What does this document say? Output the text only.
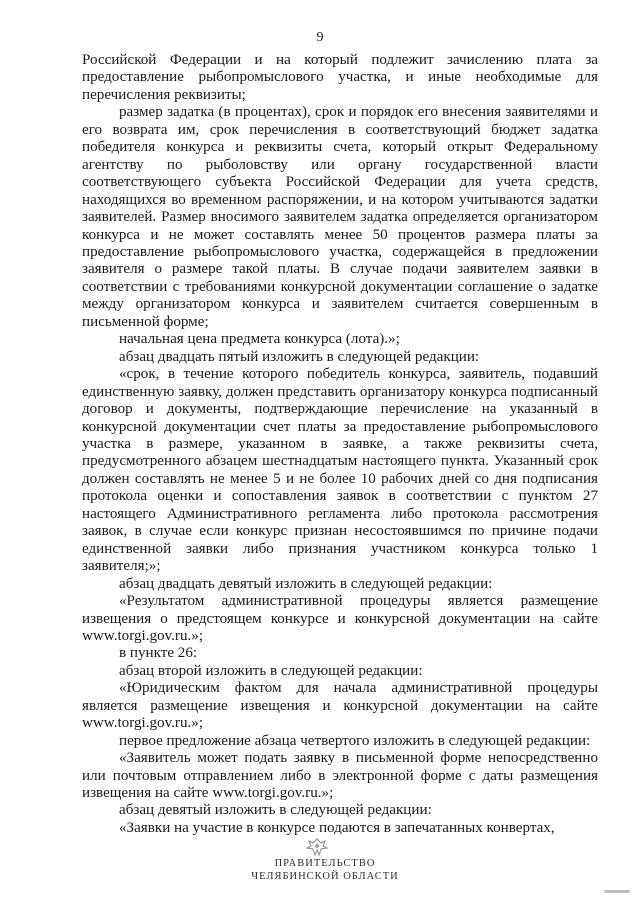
9

Российской Федерации и на который подлежит зачислению плата за предоставление рыбопромыслового участка, и иные необходимые для перечисления реквизиты;

размер задатка (в процентах), срок и порядок его внесения заявителями и его возврата им, срок перечисления в соответствующий бюджет задатка победителя конкурса и реквизиты счета, который открыт Федеральному агентству по рыболовству или органу государственной власти соответствующего субъекта Российской Федерации для учета средств, находящихся во временном распоряжении, и на котором учитываются задатки заявителей. Размер вносимого заявителем задатка определяется организатором конкурса и не может составлять менее 50 процентов размера платы за предоставление рыбопромыслового участка, содержащейся в предложении заявителя о размере такой платы. В случае подачи заявителем заявки в соответствии с требованиями конкурсной документации соглашение о задатке между организатором конкурса и заявителем считается совершенным в письменной форме;

начальная цена предмета конкурса (лота).»;

абзац двадцать пятый изложить в следующей редакции:

«срок, в течение которого победитель конкурса, заявитель, подавший единственную заявку, должен представить организатору конкурса подписанный договор и документы, подтверждающие перечисление на указанный в конкурсной документации счет платы за предоставление рыбопромыслового участка в размере, указанном в заявке, а также реквизиты счета, предусмотренного абзацем шестнадцатым настоящего пункта. Указанный срок должен составлять не менее 5 и не более 10 рабочих дней со дня подписания протокола оценки и сопоставления заявок в соответствии с пунктом 27 настоящего Административного регламента либо протокола рассмотрения заявок, в случае если конкурс признан несостоявшимся по причине подачи единственной заявки либо признания участником конкурса только 1 заявителя;»;

абзац двадцать девятый изложить в следующей редакции:

«Результатом административной процедуры является размещение извещения о предстоящем конкурсе и конкурсной документации на сайте www.torgi.gov.ru.»;

в пункте 26:

абзац второй изложить в следующей редакции:

«Юридическим фактом для начала административной процедуры является размещение извещения и конкурсной документации на сайте www.torgi.gov.ru.»;

первое предложение абзаца четвертого изложить в следующей редакции:

«Заявитель может подать заявку в письменной форме непосредственно или почтовым отправлением либо в электронной форме с даты размещения извещения на сайте www.torgi.gov.ru.»;

абзац девятый изложить в следующей редакции:

«Заявки на участие в конкурсе подаются в запечатанных конвертах,

ПРАВИТЕЛЬСТВО
ЧЕЛЯБИНСКОЙ ОБЛАСТИ
